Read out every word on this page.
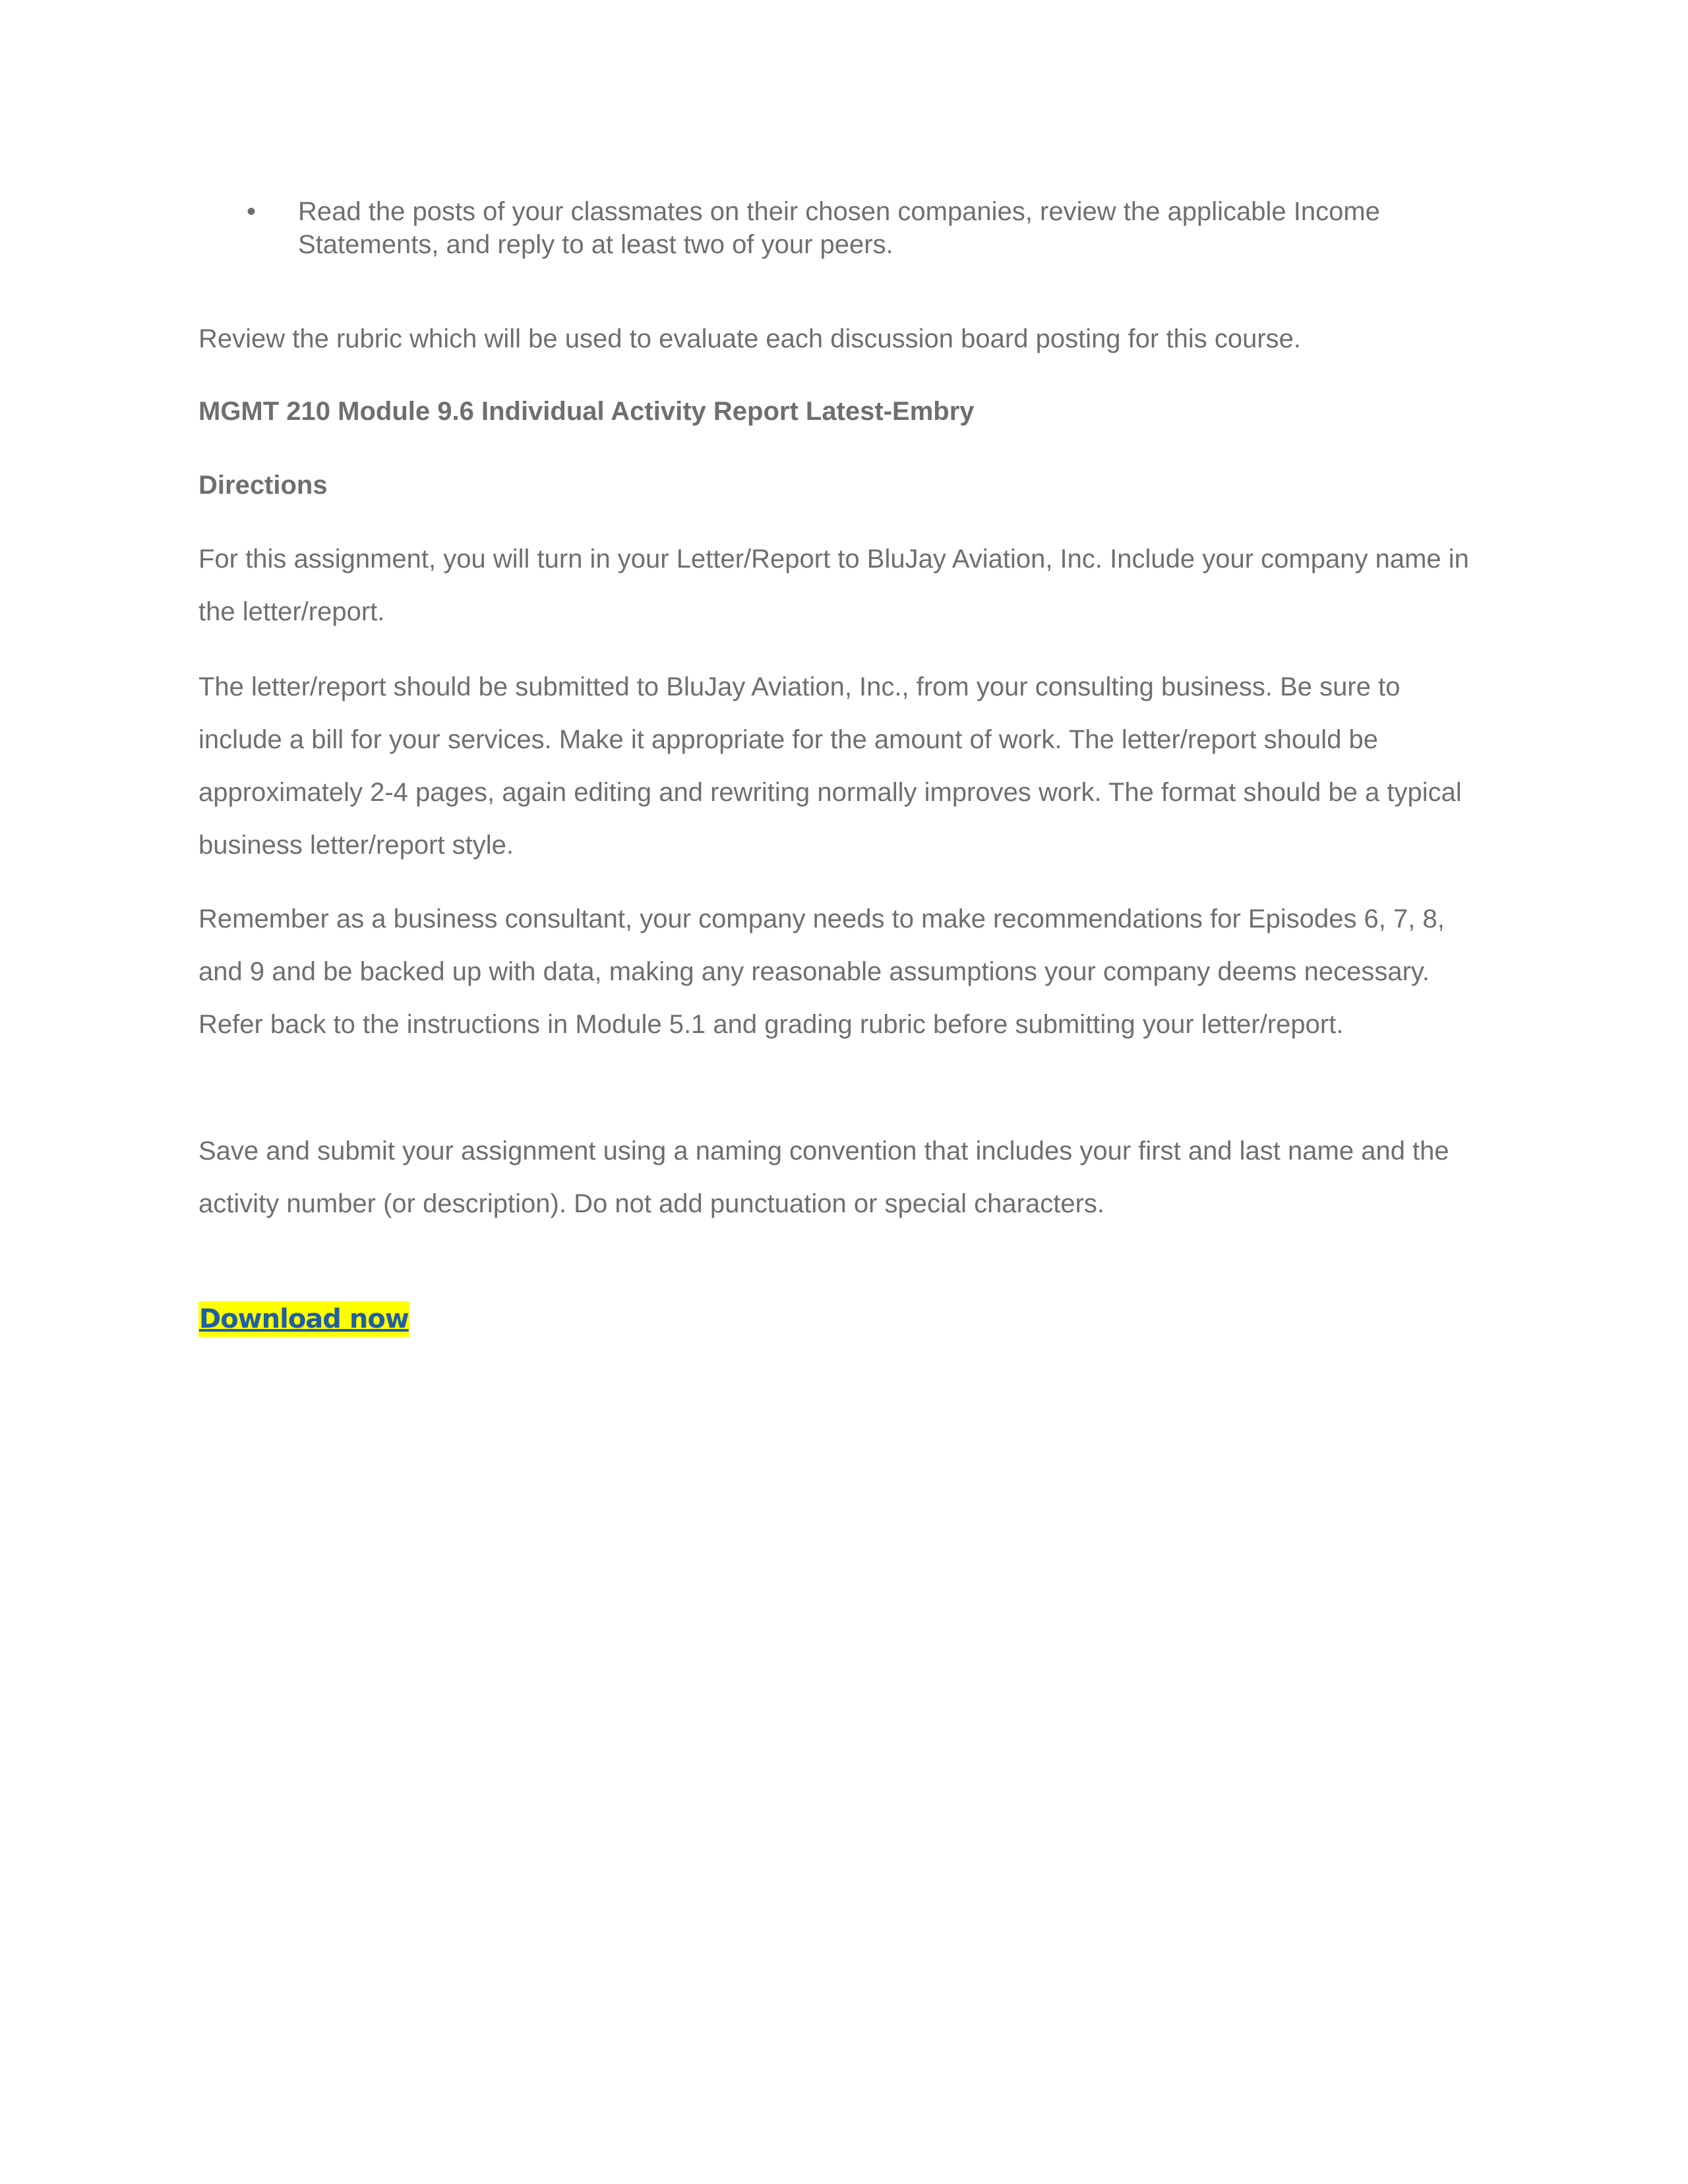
• Read the posts of your classmates on their chosen companies, review the applicable Income Statements, and reply to at least two of your peers.

Review the rubric which will be used to evaluate each discussion board posting for this course.

MGMT 210 Module 9.6 Individual Activity Report Latest-Embry

Directions

For this assignment, you will turn in your Letter/Report to BluJay Aviation, Inc. Include your company name in the letter/report.

The letter/report should be submitted to BluJay Aviation, Inc., from your consulting business. Be sure to include a bill for your services. Make it appropriate for the amount of work. The letter/report should be approximately 2-4 pages, again editing and rewriting normally improves work. The format should be a typical business letter/report style.

Remember as a business consultant, your company needs to make recommendations for Episodes 6, 7, 8, and 9 and be backed up with data, making any reasonable assumptions your company deems necessary. Refer back to the instructions in Module 5.1 and grading rubric before submitting your letter/report.

Save and submit your assignment using a naming convention that includes your first and last name and the activity number (or description). Do not add punctuation or special characters.

Download now
